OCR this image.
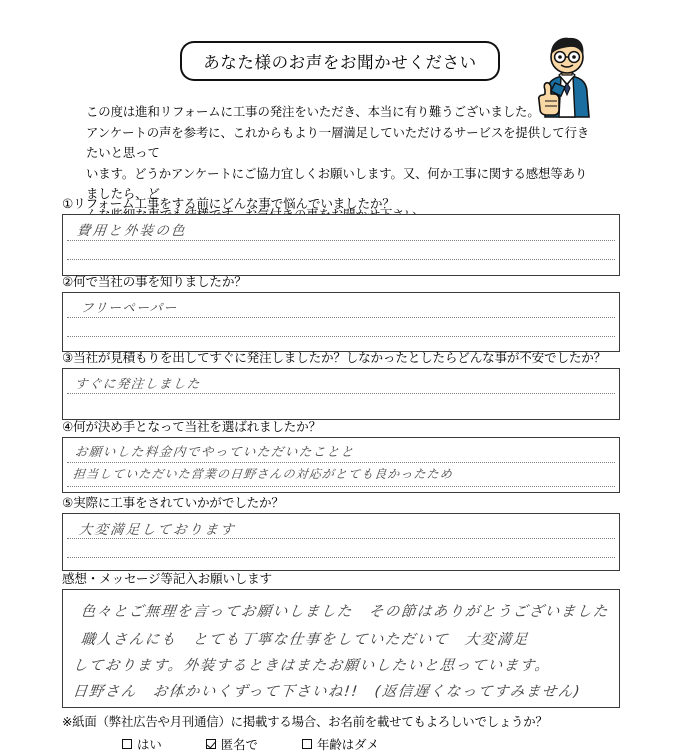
あなた様のお声をお聞かせください

この度は進和リフォームに工事の発注をいただき、本当に有り難うございました。

アンケートの声を参考に、これからもより一層満足していただけるサービスを提供して行きたいと思って

います。どうかアンケートにご協力宜しくお願いします。又、何か工事に関する感想等ありましたら、ど

①リフォーム工事をする前にどんな事で悩んでいましたか？
費用と外装の色
②何で当社の事を知りましたか？
フリーペーパー
③当社が見積もりを出してすぐに発注しましたか？しなかったとしたらどんな事が不安でしたか？
すぐに発注しました
④何が決め手となって当社を選ばれましたか？
お願いした料金内でやっていただいたことと
担当していただいた営業の日野さんの対応がとても良かったため
⑤実際に工事をされていかがでしたか？
大変満足しております
感想・メッセージ等記入お願いします
色々とご無理を言ってお願いしました　その節はありがとうございました
職人さんにも　とても丁寧な仕事をしていただいて　大変満足
しております。外装するときはまたお願いしたいと思っています。
日野さん　お体かいくずって下さいね!!　(返信遅くなってすみません)
※紙面（弊社広告や月刊通信）に掲載する場合、お名前を載せてもよろしいでしょうか？
はい	匿名で	年齢はダメ
